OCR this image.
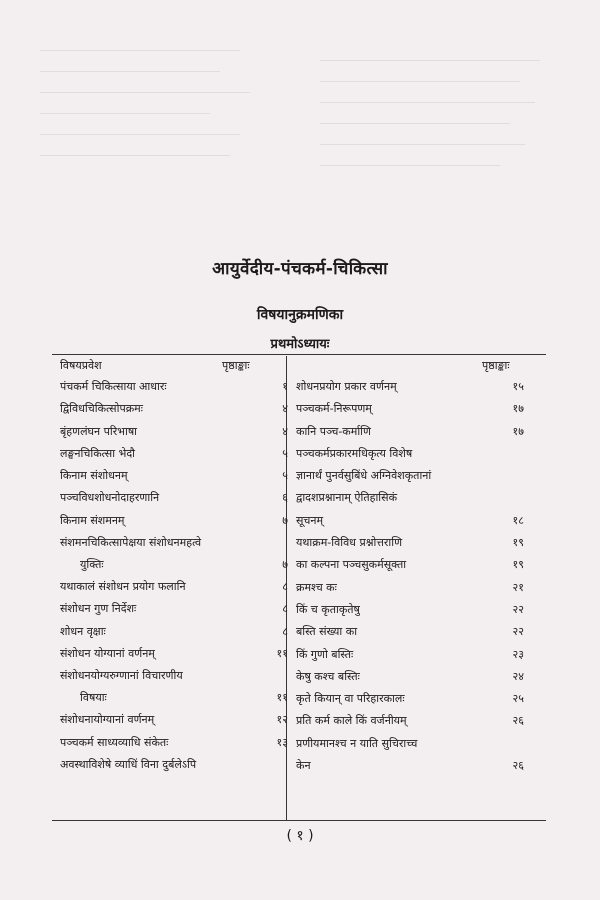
आयुर्वेदीय-पंचकर्म-चिकित्सा
विषयानुक्रमणिका
प्रथमोऽध्यायः
विषयप्रवेश	पृष्ठाङ्काः	पृष्ठाङ्काः
पंचकर्म चिकित्साया आधारः	१
द्विविधचिकित्सोपक्रमः	४
बृंहणलंघन परिभाषा	४
लङ्घनचिकित्सा भेदौ	५
किनाम संशोधनम्	५
पञ्चविधशोधनोदाहरणानि	६
किनाम संशमनम्	७
संशमनचिकित्सापेक्षया संशोधनमहत्वे
युक्तिः	७
यथाकालं संशोधन प्रयोग फलानि	८
संशोधन गुण निर्देशः	८
शोधन वृक्षाः	८
संशोधन योग्यानां वर्णनम्	११
संशोधनयोग्यरुग्णानां विचारणीय
विषयाः	११
संशोधनायोग्यानां वर्णनम्	१२
पञ्चकर्म साध्यव्याधि संकेतः	१३
अवस्थाविशेषे व्याधिं विना दुर्बलेऽपि
शोधनप्रयोग प्रकार वर्णनम्	१५
पञ्चकर्म-निरूपणम्	१७
कानि पञ्च-कर्माणि	१७
पञ्चकर्मप्रकारमधिकृत्य विशेष
ज्ञानार्थं पुनर्वसुबिंधे अग्निवेशकृतानां
द्वादशप्रश्नानाम् ऐतिहासिकं
सूचनम्	१८
यथाक्रम-विविध प्रश्नोत्तराणि	१९
का कल्पना पञ्चसुकर्मसूक्ता	१९
क्रमश्च कः	२१
किं च कृताकृतेषु	२२
बस्ति संख्या का	२२
किं गुणो बस्तिः	२३
केषु कश्च बस्तिः	२४
कृते कियान् वा परिहारकालः	२५
प्रति कर्म काले किं वर्जनीयम्	२६
प्रणीयमानश्च न याति सुचिराच्च
केन	२६
( १ )
